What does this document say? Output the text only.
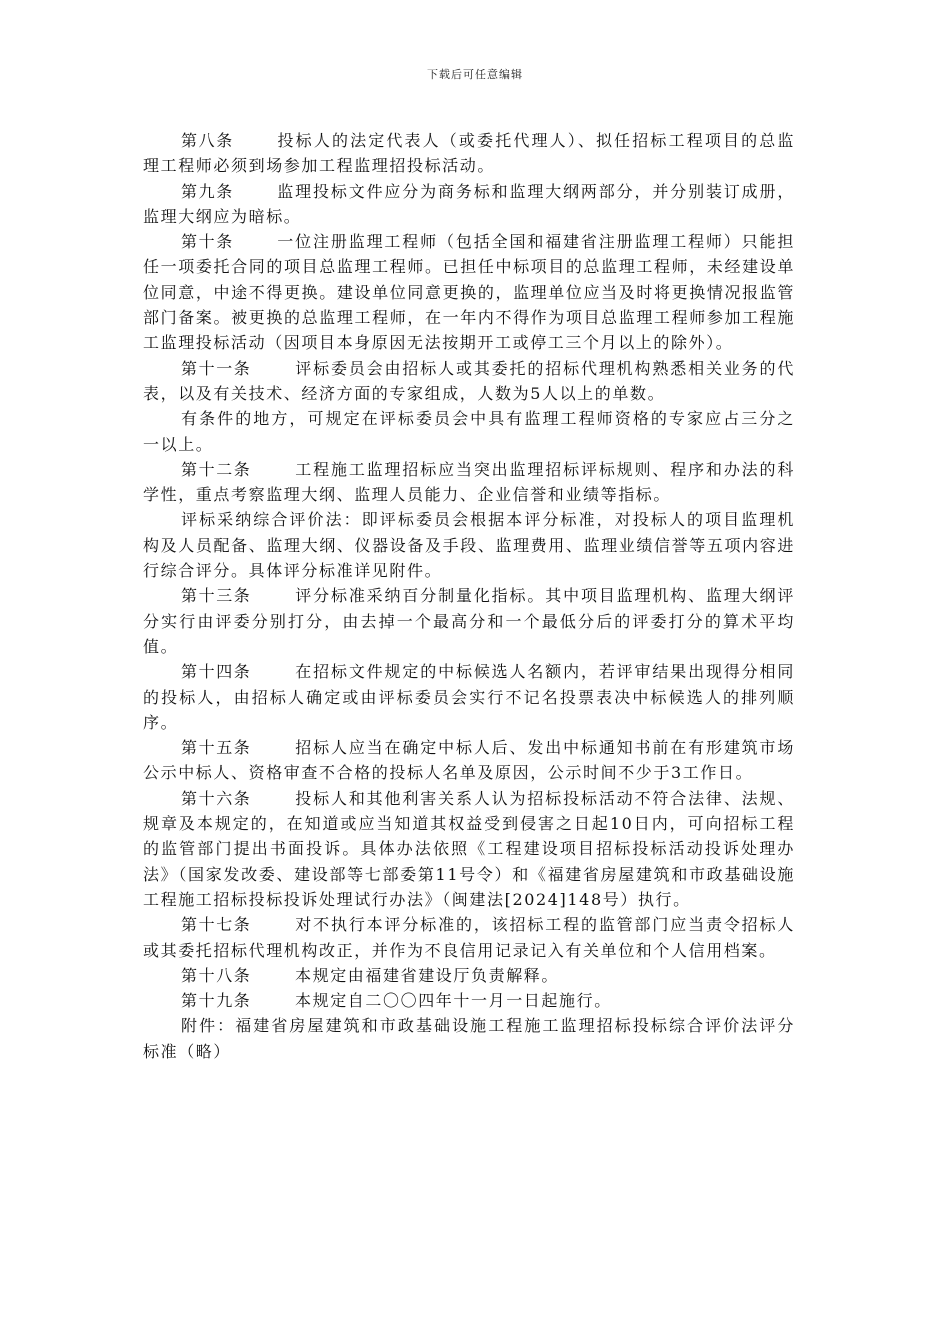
下载后可任意编辑

第八条	投标人的法定代表人（或委托代理人）、拟任招标工程项目的总监理工程师必须到场参加工程监理招投标活动。

第九条	监理投标文件应分为商务标和监理大纲两部分，并分别装订成册，监理大纲应为暗标。

第十条	一位注册监理工程师（包括全国和福建省注册监理工程师）只能担任一项委托合同的项目总监理工程师。已担任中标项目的总监理工程师，未经建设单位同意，中途不得更换。建设单位同意更换的，监理单位应当及时将更换情况报监管部门备案。被更换的总监理工程师，在一年内不得作为项目总监理工程师参加工程施工监理投标活动（因项目本身原因无法按期开工或停工三个月以上的除外）。

第十一条	评标委员会由招标人或其委托的招标代理机构熟悉相关业务的代表，以及有关技术、经济方面的专家组成，人数为5人以上的单数。

有条件的地方，可规定在评标委员会中具有监理工程师资格的专家应占三分之一以上。

第十二条	工程施工监理招标应当突出监理招标评标规则、程序和办法的科学性，重点考察监理大纲、监理人员能力、企业信誉和业绩等指标。

评标采纳综合评价法：即评标委员会根据本评分标准，对投标人的项目监理机构及人员配备、监理大纲、仪器设备及手段、监理费用、监理业绩信誉等五项内容进行综合评分。具体评分标准详见附件。

第十三条	评分标准采纳百分制量化指标。其中项目监理机构、监理大纲评分实行由评委分别打分，由去掉一个最高分和一个最低分后的评委打分的算术平均值。

第十四条	在招标文件规定的中标候选人名额内，若评审结果出现得分相同的投标人，由招标人确定或由评标委员会实行不记名投票表决中标候选人的排列顺序。

第十五条	招标人应当在确定中标人后、发出中标通知书前在有形建筑市场公示中标人、资格审查不合格的投标人名单及原因，公示时间不少于3工作日。

第十六条	投标人和其他利害关系人认为招标投标活动不符合法律、法规、规章及本规定的，在知道或应当知道其权益受到侵害之日起10日内，可向招标工程的监管部门提出书面投诉。具体办法依照《工程建设项目招标投标活动投诉处理办法》（国家发改委、建设部等七部委第11号令）和《福建省房屋建筑和市政基础设施工程施工招标投标投诉处理试行办法》（闽建法[2024]148号）执行。

第十七条	对不执行本评分标准的，该招标工程的监管部门应当责令招标人或其委托招标代理机构改正，并作为不良信用记录记入有关单位和个人信用档案。

第十八条	本规定由福建省建设厅负责解释。

第十九条	本规定自二〇〇四年十一月一日起施行。

附件：福建省房屋建筑和市政基础设施工程施工监理招标投标综合评价法评分标准（略）
